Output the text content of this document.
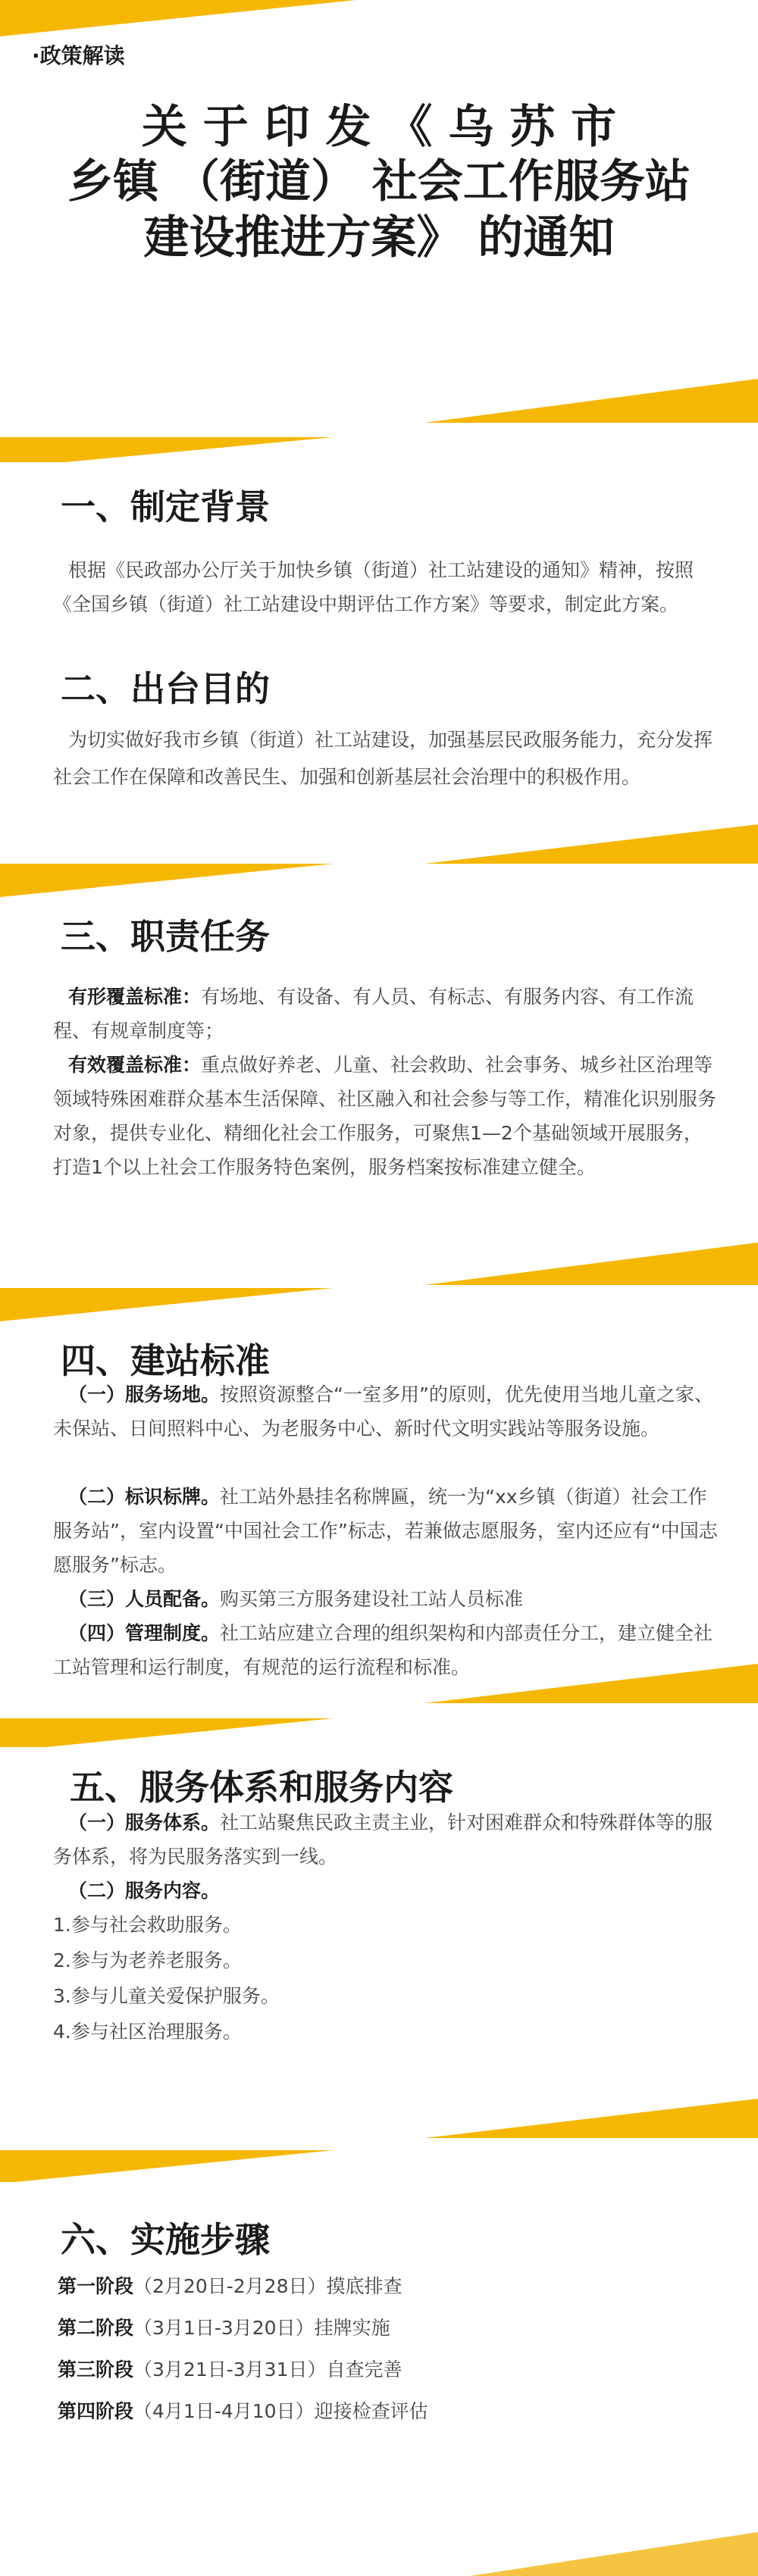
·政策解读
关 于 印 发 《 乌 苏 市
乡镇 （街道） 社会工作服务站
建设推进方案》 的通知
一、制定背景

根据《民政部办公厅关于加快乡镇（街道）社工站建设的通知》精神，按照《全国乡镇（街道）社工站建设中期评估工作方案》等要求，制定此方案。

二、出台目的

为切实做好我市乡镇（街道）社工站建设，加强基层民政服务能力，充分发挥社会工作在保障和改善民生、加强和创新基层社会治理中的积极作用。

三、职责任务

有形覆盖标准：有场地、有设备、有人员、有标志、有服务内容、有工作流程、有规章制度等；

有效覆盖标准：重点做好养老、儿童、社会救助、社会事务、城乡社区治理等领域特殊困难群众基本生活保障、社区融入和社会参与等工作，精准化识别服务对象，提供专业化、精细化社会工作服务，可聚焦1—2个基础领域开展服务，打造1个以上社会工作服务特色案例，服务档案按标准建立健全。

四、建站标准

（一）服务场地。按照资源整合“一室多用”的原则，优先使用当地儿童之家、未保站、日间照料中心、为老服务中心、新时代文明实践站等服务设施。

（二）标识标牌。社工站外悬挂名称牌匾，统一为“xx乡镇（街道）社会工作服务站”，室内设置“中国社会工作”标志，若兼做志愿服务，室内还应有“中国志愿服务”标志。

（三）人员配备。购买第三方服务建设社工站人员标准

（四）管理制度。社工站应建立合理的组织架构和内部责任分工，建立健全社工站管理和运行制度，有规范的运行流程和标准。

五、服务体系和服务内容

（一）服务体系。社工站聚焦民政主责主业，针对困难群众和特殊群体等的服务体系，将为民服务落实到一线。

（二）服务内容。
1.参与社会救助服务。
2.参与为老养老服务。
3.参与儿童关爱保护服务。
4.参与社区治理服务。
六、实施步骤
第一阶段（2月20日-2月28日）摸底排查
第二阶段（3月1日-3月20日）挂牌实施
第三阶段（3月21日-3月31日）自查完善
第四阶段（4月1日-4月10日）迎接检查评估
